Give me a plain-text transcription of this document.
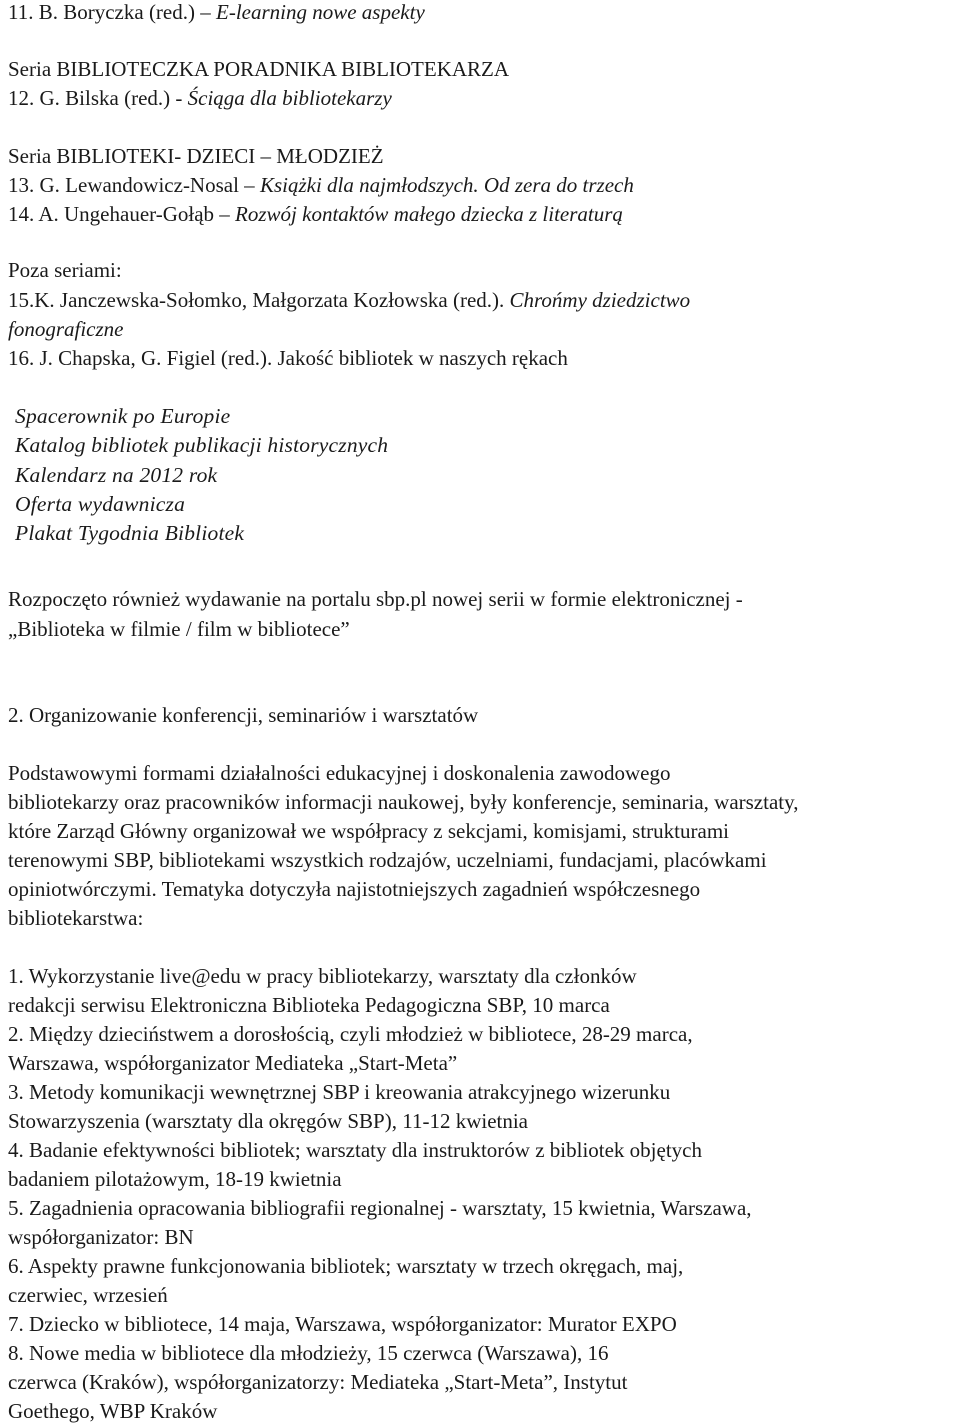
11. B. Boryczka (red.) – E-learning nowe aspekty
Seria BIBLIOTECZKA PORADNIKA BIBLIOTEKARZA
12. G. Bilska (red.) - Ściąga dla bibliotekarzy
Seria BIBLIOTEKI- DZIECI – MŁODZIEŻ
13. G. Lewandowicz-Nosal – Książki dla najmłodszych. Od zera do trzech
14. A. Ungehauer-Gołąb – Rozwój kontaktów małego dziecka z literaturą
Poza seriami:
15.K. Janczewska-Sołomko, Małgorzata Kozłowska (red.). Chrońmy dziedzictwo
fonograficzne
16. J. Chapska, G. Figiel (red.). Jakość bibliotek w naszych rękach
Spacerownik po Europie
Katalog bibliotek publikacji historycznych
Kalendarz na 2012 rok
Oferta wydawnicza
Plakat Tygodnia Bibliotek
Rozpoczęto również wydawanie na portalu sbp.pl nowej serii w formie elektronicznej -
„Biblioteka w filmie / film w bibliotece”
2. Organizowanie konferencji, seminariów i warsztatów
Podstawowymi formami działalności edukacyjnej i doskonalenia zawodowego
bibliotekarzy oraz pracowników informacji naukowej, były konferencje, seminaria, warsztaty,
które Zarząd Główny organizował we współpracy z sekcjami, komisjami, strukturami
terenowymi SBP, bibliotekami wszystkich rodzajów, uczelniami, fundacjami, placówkami
opiniotwórczymi. Tematyka dotyczyła najistotniejszych zagadnień współczesnego
bibliotekarstwa:
1. Wykorzystanie live@edu w pracy bibliotekarzy, warsztaty dla członków
redakcji serwisu Elektroniczna Biblioteka Pedagogiczna SBP, 10 marca
2. Między dzieciństwem a dorosłością, czyli młodzież w bibliotece, 28-29 marca,
Warszawa, współorganizator Mediateka „Start-Meta”
3. Metody komunikacji wewnętrznej SBP i kreowania atrakcyjnego wizerunku
Stowarzyszenia (warsztaty dla okręgów SBP), 11-12 kwietnia
4. Badanie efektywności bibliotek; warsztaty dla instruktorów z bibliotek objętych
badaniem pilotażowym, 18-19 kwietnia
5. Zagadnienia opracowania bibliografii regionalnej - warsztaty, 15 kwietnia, Warszawa,
współorganizator: BN
6. Aspekty prawne funkcjonowania bibliotek; warsztaty w trzech okręgach, maj,
czerwiec, wrzesień
7. Dziecko w bibliotece, 14 maja, Warszawa, współorganizator: Murator EXPO
8. Nowe media w bibliotece dla młodzieży, 15 czerwca (Warszawa), 16
czerwca (Kraków), współorganizatorzy: Mediateka „Start-Meta”, Instytut
Goethego, WBP Kraków
